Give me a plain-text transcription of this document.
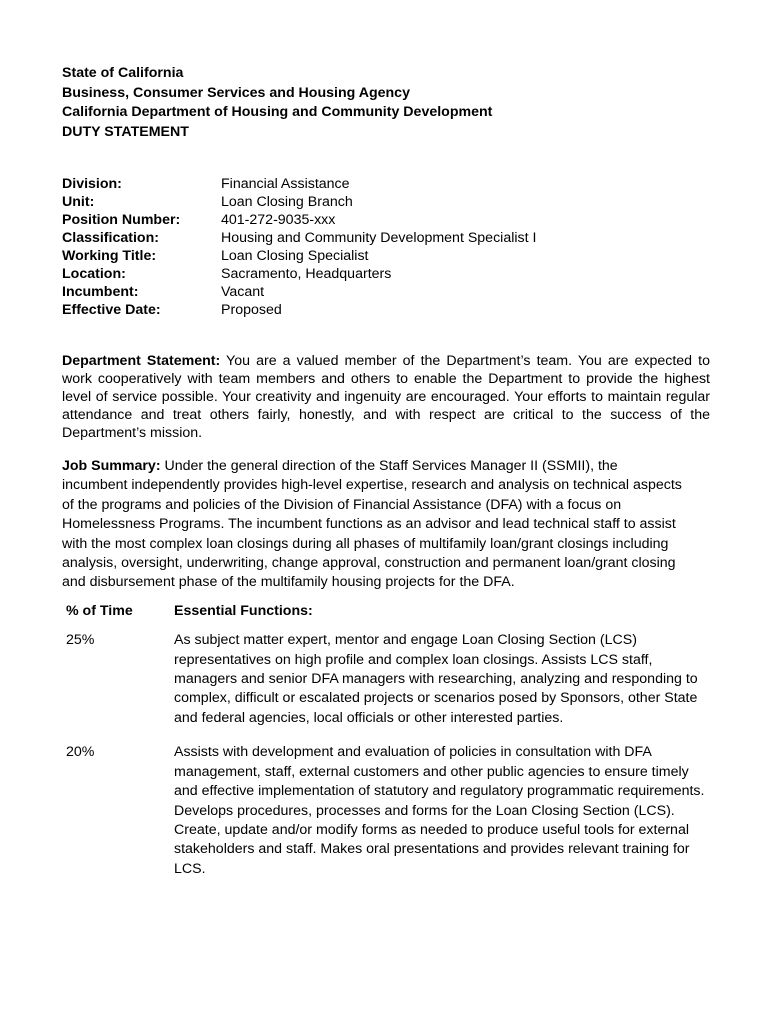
State of California
Business, Consumer Services and Housing Agency
California Department of Housing and Community Development
DUTY STATEMENT
Division:	Financial Assistance
Unit:	Loan Closing Branch
Position Number:	401-272-9035-xxx
Classification:	Housing and Community Development Specialist I
Working Title:	Loan Closing Specialist
Location:	Sacramento, Headquarters
Incumbent:	Vacant
Effective Date:	Proposed
Department Statement: You are a valued member of the Department’s team. You are expected to work cooperatively with team members and others to enable the Department to provide the highest level of service possible. Your creativity and ingenuity are encouraged. Your efforts to maintain regular attendance and treat others fairly, honestly, and with respect are critical to the success of the Department’s mission.
Job Summary: Under the general direction of the Staff Services Manager II (SSMII), the incumbent independently provides high-level expertise, research and analysis on technical aspects of the programs and policies of the Division of Financial Assistance (DFA) with a focus on Homelessness Programs. The incumbent functions as an advisor and lead technical staff to assist with the most complex loan closings during all phases of multifamily loan/grant closings including analysis, oversight, underwriting, change approval, construction and permanent loan/grant closing and disbursement phase of the multifamily housing projects for the DFA.
% of Time	Essential Functions:
25%	As subject matter expert, mentor and engage Loan Closing Section (LCS) representatives on high profile and complex loan closings. Assists LCS staff, managers and senior DFA managers with researching, analyzing and responding to complex, difficult or escalated projects or scenarios posed by Sponsors, other State and federal agencies, local officials or other interested parties.
20%	Assists with development and evaluation of policies in consultation with DFA management, staff, external customers and other public agencies to ensure timely and effective implementation of statutory and regulatory programmatic requirements. Develops procedures, processes and forms for the Loan Closing Section (LCS). Create, update and/or modify forms as needed to produce useful tools for external stakeholders and staff. Makes oral presentations and provides relevant training for LCS.
